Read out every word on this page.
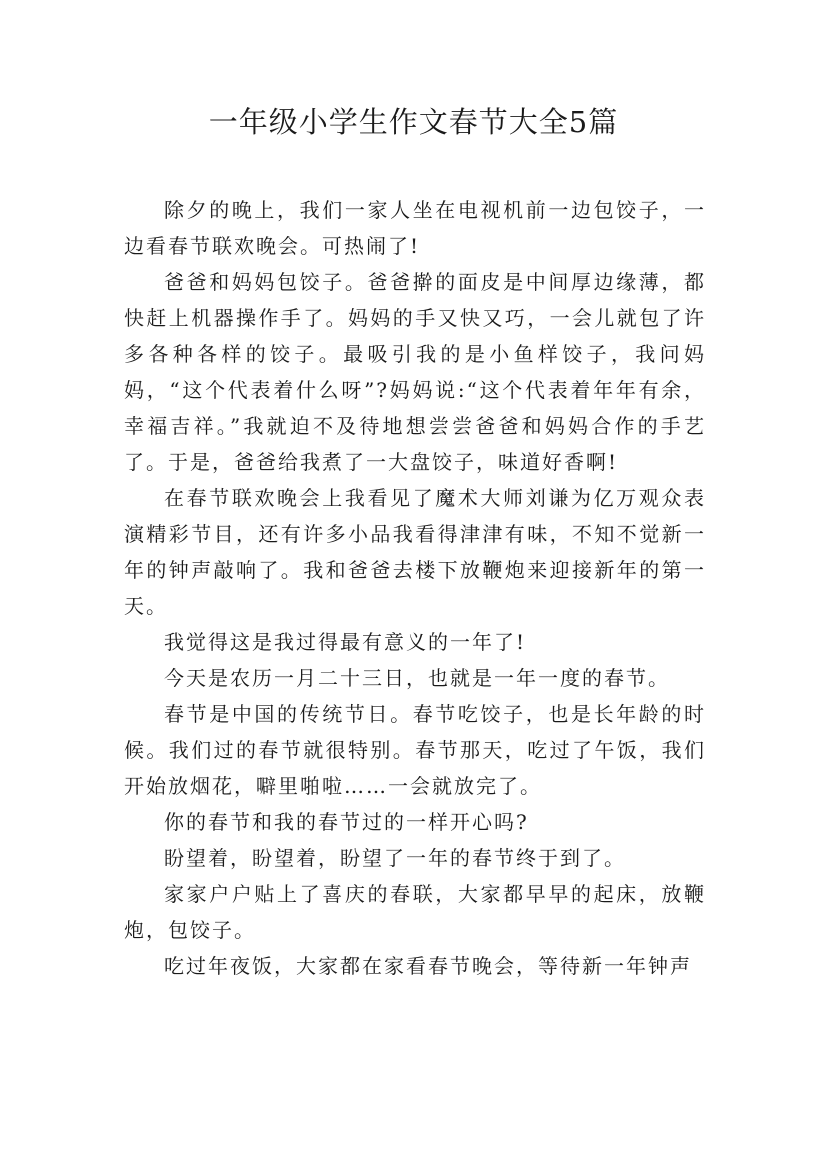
一年级小学生作文春节大全5篇

除夕的晚上，我们一家人坐在电视机前一边包饺子，一边看春节联欢晚会。可热闹了!

爸爸和妈妈包饺子。爸爸擀的面皮是中间厚边缘薄，都快赶上机器操作手了。妈妈的手又快又巧，一会儿就包了许多各种各样的饺子。最吸引我的是小鱼样饺子，我问妈妈，“这个代表着什么呀”?妈妈说:“这个代表着年年有余，幸福吉祥。”我就迫不及待地想尝尝爸爸和妈妈合作的手艺了。于是，爸爸给我煮了一大盘饺子，味道好香啊!

在春节联欢晚会上我看见了魔术大师刘谦为亿万观众表演精彩节目，还有许多小品我看得津津有味，不知不觉新一年的钟声敲响了。我和爸爸去楼下放鞭炮来迎接新年的第一天。

我觉得这是我过得最有意义的一年了!

今天是农历一月二十三日，也就是一年一度的春节。

春节是中国的传统节日。春节吃饺子，也是长年龄的时候。我们过的春节就很特别。春节那天，吃过了午饭，我们开始放烟花，噼里啪啦……一会就放完了。

你的春节和我的春节过的一样开心吗?

盼望着，盼望着，盼望了一年的春节终于到了。

家家户户贴上了喜庆的春联，大家都早早的起床，放鞭炮，包饺子。

吃过年夜饭，大家都在家看春节晚会，等待新一年钟声
